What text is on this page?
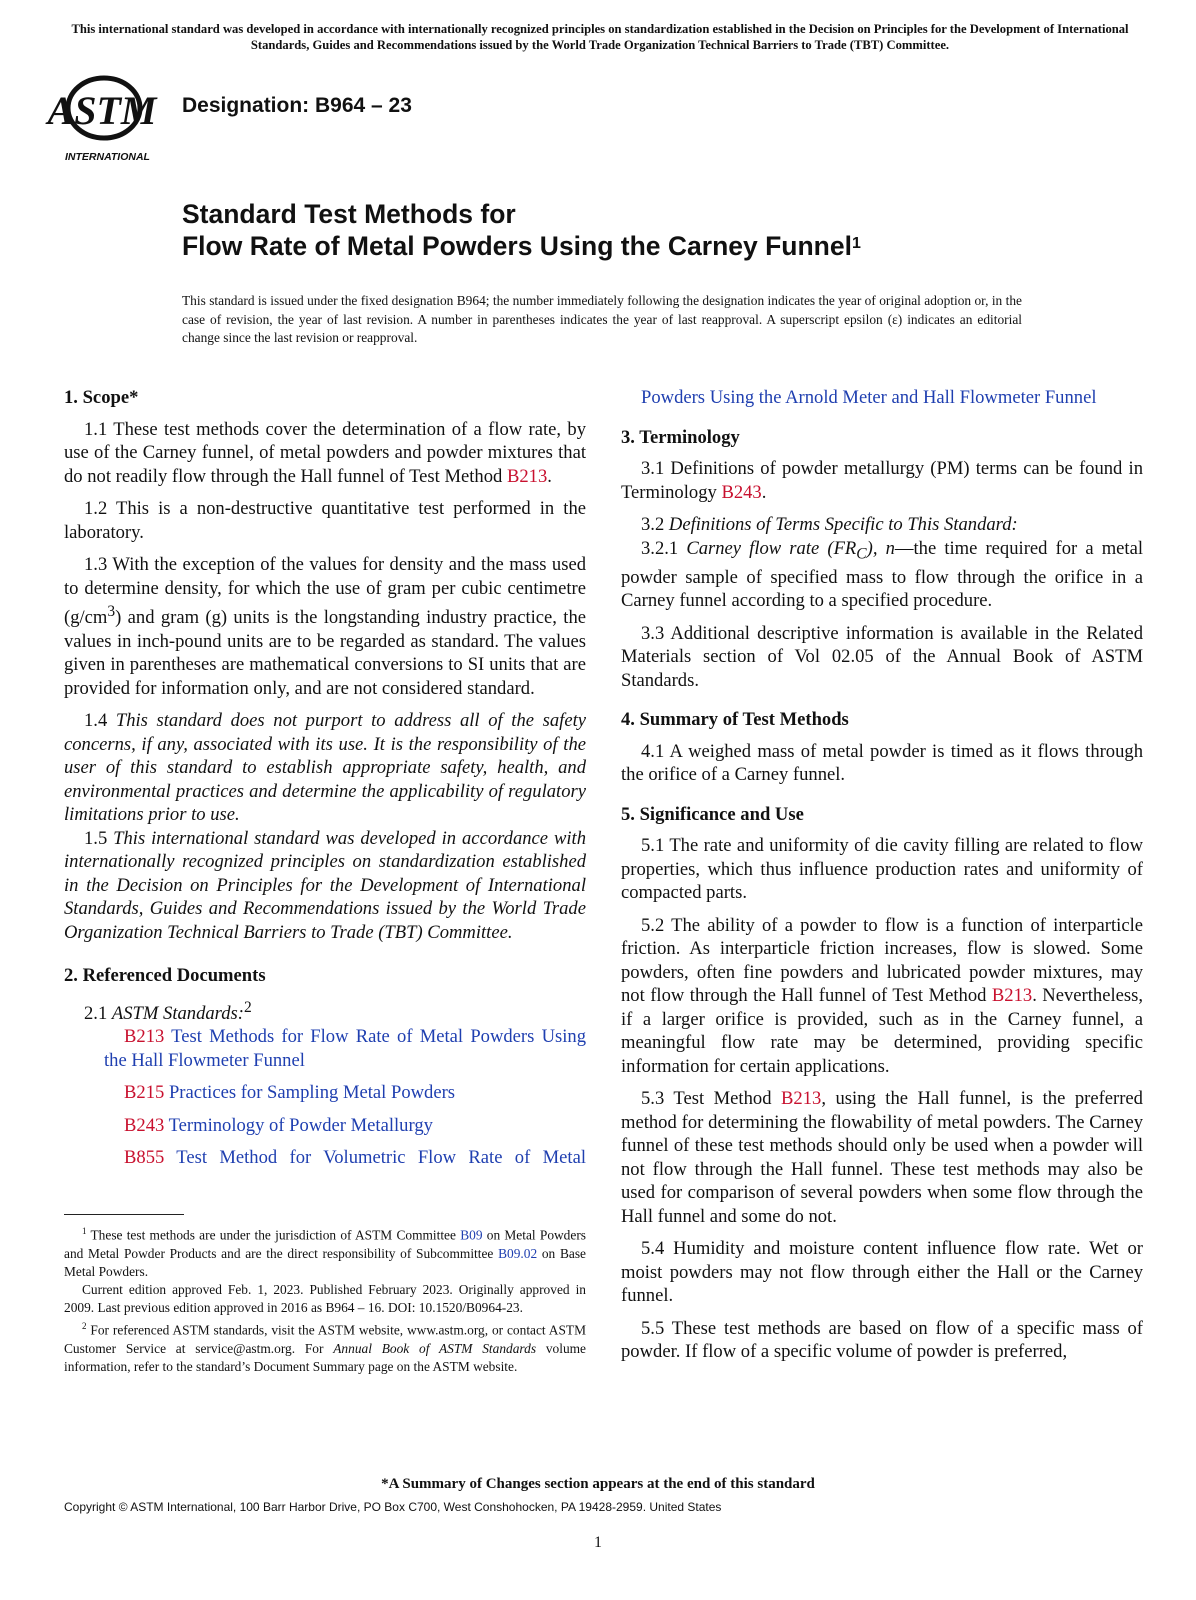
This international standard was developed in accordance with internationally recognized principles on standardization established in the Decision on Principles for the Development of International Standards, Guides and Recommendations issued by the World Trade Organization Technical Barriers to Trade (TBT) Committee.
ASTM
INTERNATIONAL
Designation: B964 – 23
Standard Test Methods for
Flow Rate of Metal Powders Using the Carney Funnel$^1$
This standard is issued under the fixed designation B964; the number immediately following the designation indicates the year of original adoption or, in the case of revision, the year of last revision. A number in parentheses indicates the year of last reapproval. A superscript epsilon (ε) indicates an editorial change since the last revision or reapproval.
1. Scope*

1.1 These test methods cover the determination of a flow rate, by use of the Carney funnel, of metal powders and powder mixtures that do not readily flow through the Hall funnel of Test Method B213.

1.2 This is a non-destructive quantitative test performed in the laboratory.

1.3 With the exception of the values for density and the mass used to determine density, for which the use of gram per cubic centimetre $(g/cm^3)$ and gram (g) units is the longstanding industry practice, the values in inch-pound units are to be regarded as standard. The values given in parentheses are mathematical conversions to SI units that are provided for information only, and are not considered standard.

1.4 This standard does not purport to address all of the safety concerns, if any, associated with its use. It is the responsibility of the user of this standard to establish appropriate safety, health, and environmental practices and determine the applicability of regulatory limitations prior to use.

1.5 This international standard was developed in accordance with internationally recognized principles on standardization established in the Decision on Principles for the Development of International Standards, Guides and Recommendations issued by the World Trade Organization Technical Barriers to Trade (TBT) Committee.

2. Referenced Documents

2.1 ASTM Standards:$^2$

B213 Test Methods for Flow Rate of Metal Powders Using the Hall Flowmeter Funnel

B215 Practices for Sampling Metal Powders

B243 Terminology of Powder Metallurgy

B855 Test Method for Volumetric Flow Rate of Metal

$^1$ These test methods are under the jurisdiction of ASTM Committee B09 on Metal Powders and Metal Powder Products and are the direct responsibility of Subcommittee B09.02 on Base Metal Powders.

Current edition approved Feb. 1, 2023. Published February 2023. Originally approved in 2009. Last previous edition approved in 2016 as B964 – 16. DOI: 10.1520/B0964-23.

$^2$ For referenced ASTM standards, visit the ASTM website, www.astm.org, or contact ASTM Customer Service at service@astm.org. For Annual Book of ASTM Standards volume information, refer to the standard’s Document Summary page on the ASTM website.

Powders Using the Arnold Meter and Hall Flowmeter Funnel

3. Terminology

3.1 Definitions of powder metallurgy (PM) terms can be found in Terminology B243.

3.2 Definitions of Terms Specific to This Standard:

3.2.1 Carney flow rate $(FR_C)$, n—the time required for a metal powder sample of specified mass to flow through the orifice in a Carney funnel according to a specified procedure.

3.3 Additional descriptive information is available in the Related Materials section of Vol 02.05 of the Annual Book of ASTM Standards.

4. Summary of Test Methods

4.1 A weighed mass of metal powder is timed as it flows through the orifice of a Carney funnel.

5. Significance and Use

5.1 The rate and uniformity of die cavity filling are related to flow properties, which thus influence production rates and uniformity of compacted parts.

5.2 The ability of a powder to flow is a function of interparticle friction. As interparticle friction increases, flow is slowed. Some powders, often fine powders and lubricated powder mixtures, may not flow through the Hall funnel of Test Method B213. Nevertheless, if a larger orifice is provided, such as in the Carney funnel, a meaningful flow rate may be determined, providing specific information for certain applications.

5.3 Test Method B213, using the Hall funnel, is the preferred method for determining the flowability of metal powders. The Carney funnel of these test methods should only be used when a powder will not flow through the Hall funnel. These test methods may also be used for comparison of several powders when some flow through the Hall funnel and some do not.

5.4 Humidity and moisture content influence flow rate. Wet or moist powders may not flow through either the Hall or the Carney funnel.

5.5 These test methods are based on flow of a specific mass of powder. If flow of a specific volume of powder is preferred,

*A Summary of Changes section appears at the end of this standard
Copyright © ASTM International, 100 Barr Harbor Drive, PO Box C700, West Conshohocken, PA 19428-2959. United States
1
